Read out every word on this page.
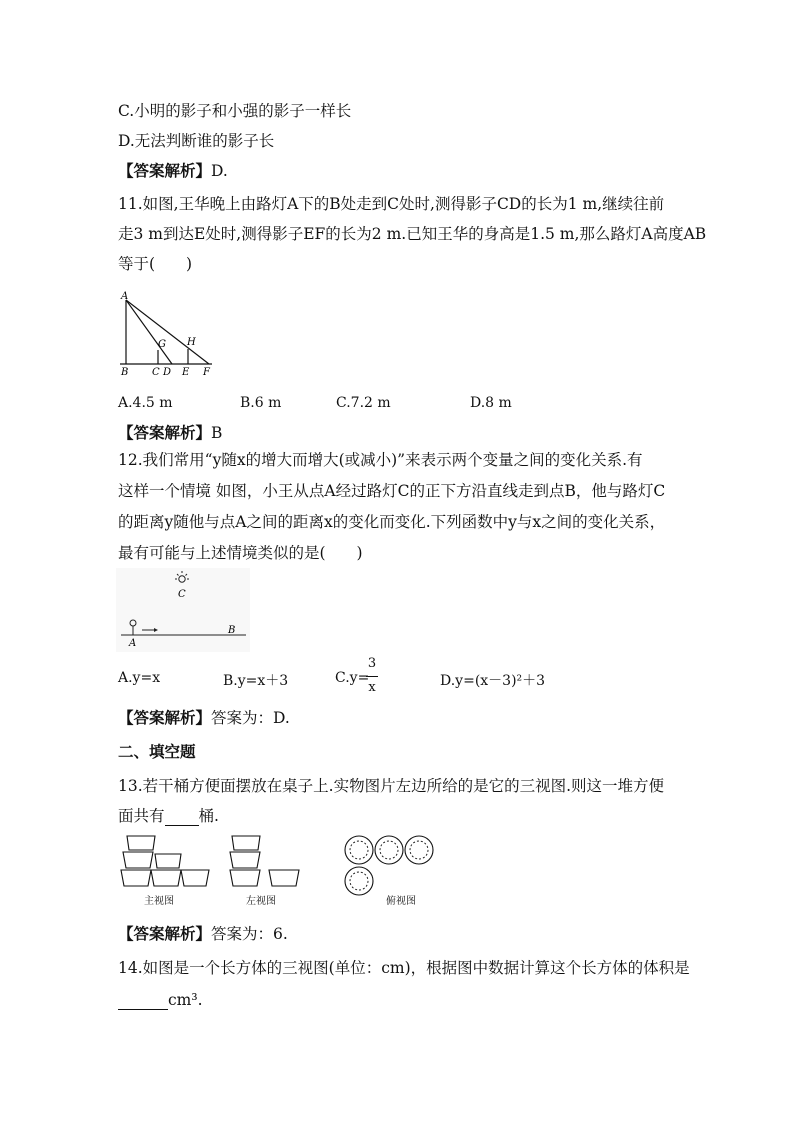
C.小明的影子和小强的影子一样长
D.无法判断谁的影子长
【答案解析】D.
11.如图,王华晚上由路灯A下的B处走到C处时,测得影子CD的长为1 m,继续往前
走3 m到达E处时,测得影子EF的长为2 m.已知王华的身高是1.5 m,那么路灯A高度AB
等于(　　)
A
B C D E F
G H
A.4.5 m	B.6 m	C.7.2 m	D.8 m
【答案解析】B
12.我们常用“y随x的增大而增大(或减小)”来表示两个变量之间的变化关系.有
这样一个情境 如图，小王从点A经过路灯C的正下方沿直线走到点B，他与路灯C
的距离y随他与点A之间的距离x的变化而变化.下列函数中y与x之间的变化关系，
最有可能与上述情境类似的是(　　)
C
A
B
A.y=x	B.y=x＋3	C.y=
3
x	D.y=(x－3)²＋3
【答案解析】答案为：D.
二、填空题
13.若干桶方便面摆放在桌子上.实物图片左边所给的是它的三视图.则这一堆方便
面共有 桶.
主视图	左视图	俯视图
【答案解析】答案为：6.
14.如图是一个长方体的三视图(单位：cm)，根据图中数据计算这个长方体的体积是
cm³.
